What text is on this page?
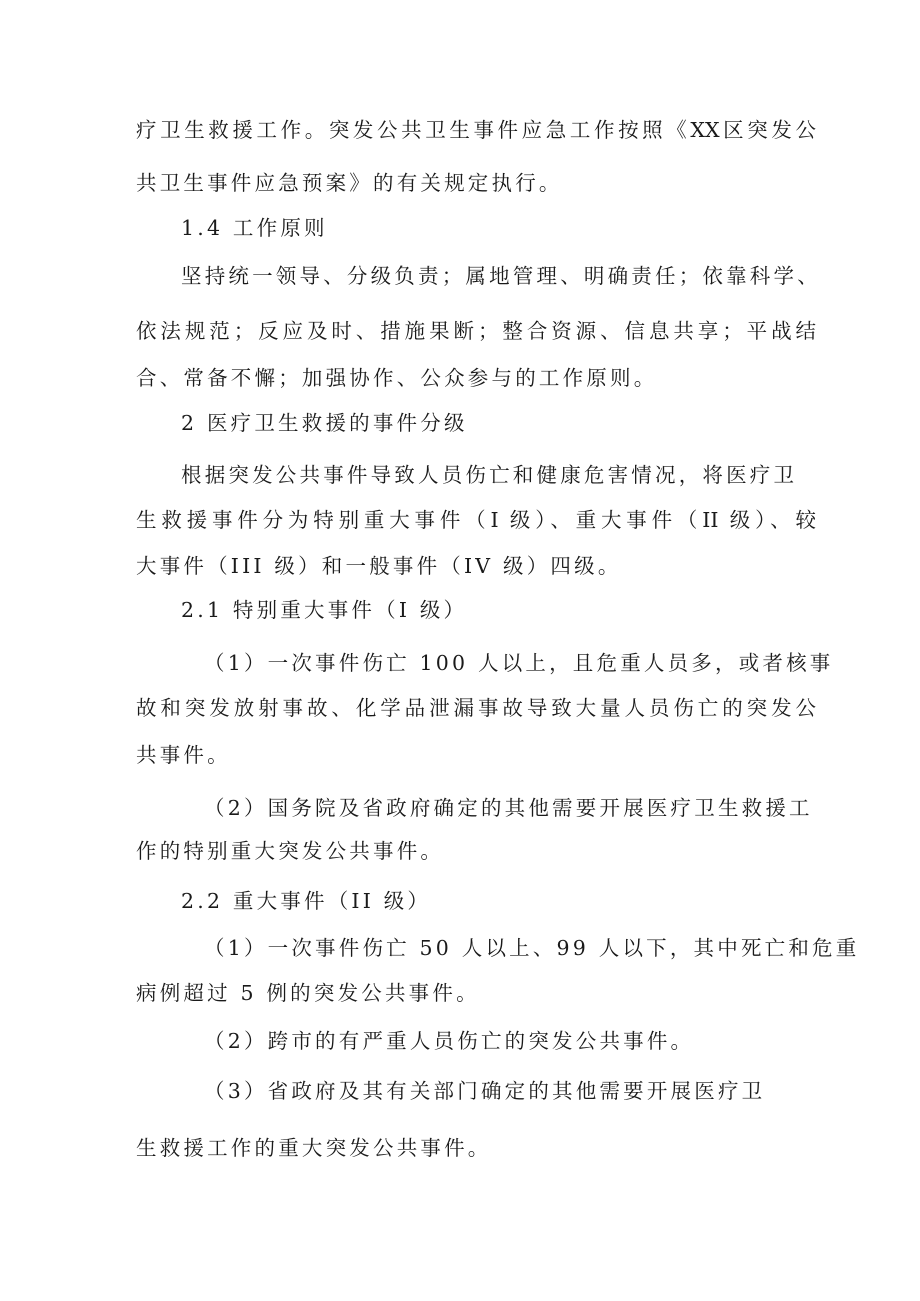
疗卫生救援工作。突发公共卫生事件应急工作按照《XX区突发公
共卫生事件应急预案》的有关规定执行。
1.4 工作原则
坚持统一领导、分级负责；属地管理、明确责任；依靠科学、
依法规范；反应及时、措施果断；整合资源、信息共享；平战结
合、常备不懈；加强协作、公众参与的工作原则。
2 医疗卫生救援的事件分级
根据突发公共事件导致人员伤亡和健康危害情况，将医疗卫
生救援事件分为特别重大事件（I 级）、重大事件（II 级）、较
大事件（III 级）和一般事件（IV 级）四级。
2.1 特别重大事件（I 级）
（1）一次事件伤亡 100 人以上，且危重人员多，或者核事
故和突发放射事故、化学品泄漏事故导致大量人员伤亡的突发公
共事件。
（2）国务院及省政府确定的其他需要开展医疗卫生救援工
作的特别重大突发公共事件。
2.2 重大事件（II 级）
（1）一次事件伤亡 50 人以上、99 人以下，其中死亡和危重
病例超过 5 例的突发公共事件。
（2）跨市的有严重人员伤亡的突发公共事件。
（3）省政府及其有关部门确定的其他需要开展医疗卫
生救援工作的重大突发公共事件。
